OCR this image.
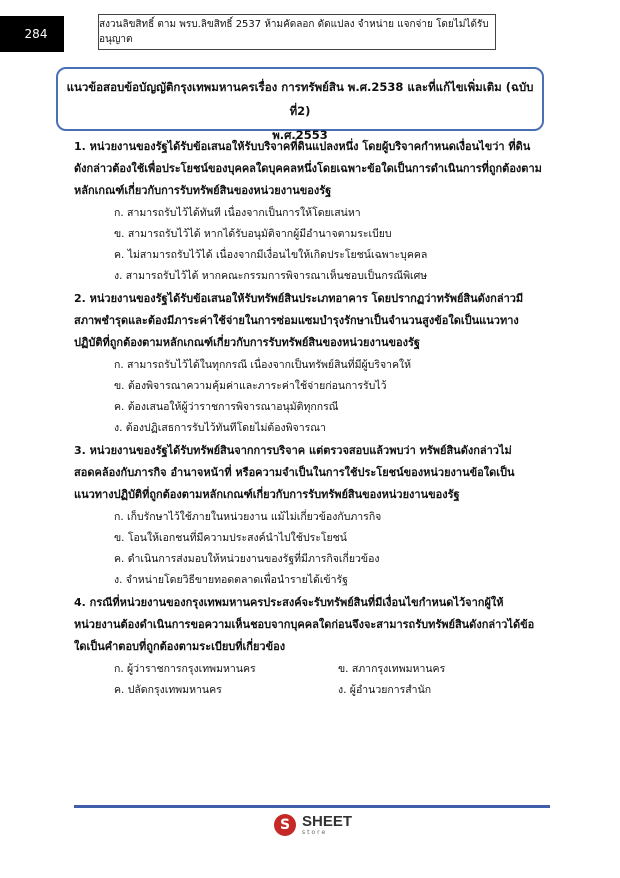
284
สงวนลิขสิทธิ์ ตาม พรบ.ลิขสิทธิ์ 2537 ห้ามคัดลอก ดัดแปลง จำหน่าย แจกจ่าย โดยไม่ได้รับอนุญาต
แนวข้อสอบข้อบัญญัติกรุงเทพมหานครเรื่อง การทรัพย์สิน พ.ศ.2538 และที่แก้ไขเพิ่มเติม (ฉบับที่2)
พ.ศ.2553
1. หน่วยงานของรัฐได้รับข้อเสนอให้รับบริจาคที่ดินแปลงหนึ่ง โดยผู้บริจาคกำหนดเงื่อนไขว่า ที่ดิน
ดังกล่าวต้องใช้เพื่อประโยชน์ของบุคคลใดบุคคลหนึ่งโดยเฉพาะข้อใดเป็นการดำเนินการที่ถูกต้องตาม
หลักเกณฑ์เกี่ยวกับการรับทรัพย์สินของหน่วยงานของรัฐ
ก. สามารถรับไว้ได้ทันที เนื่องจากเป็นการให้โดยเสน่หา
ข. สามารถรับไว้ได้ หากได้รับอนุมัติจากผู้มีอำนาจตามระเบียบ
ค. ไม่สามารถรับไว้ได้ เนื่องจากมีเงื่อนไขให้เกิดประโยชน์เฉพาะบุคคล
ง. สามารถรับไว้ได้ หากคณะกรรมการพิจารณาเห็นชอบเป็นกรณีพิเศษ
2. หน่วยงานของรัฐได้รับข้อเสนอให้รับทรัพย์สินประเภทอาคาร โดยปรากฏว่าทรัพย์สินดังกล่าวมี
สภาพชำรุดและต้องมีภาระค่าใช้จ่ายในการซ่อมแซมบำรุงรักษาเป็นจำนวนสูงข้อใดเป็นแนวทาง
ปฏิบัติที่ถูกต้องตามหลักเกณฑ์เกี่ยวกับการรับทรัพย์สินของหน่วยงานของรัฐ
ก. สามารถรับไว้ได้ในทุกกรณี เนื่องจากเป็นทรัพย์สินที่มีผู้บริจาคให้
ข. ต้องพิจารณาความคุ้มค่าและภาระค่าใช้จ่ายก่อนการรับไว้
ค. ต้องเสนอให้ผู้ว่าราชการพิจารณาอนุมัติทุกกรณี
ง. ต้องปฏิเสธการรับไว้ทันทีโดยไม่ต้องพิจารณา
3. หน่วยงานของรัฐได้รับทรัพย์สินจากการบริจาค แต่ตรวจสอบแล้วพบว่า ทรัพย์สินดังกล่าวไม่
สอดคล้องกับภารกิจ อำนาจหน้าที่ หรือความจำเป็นในการใช้ประโยชน์ของหน่วยงานข้อใดเป็น
แนวทางปฏิบัติที่ถูกต้องตามหลักเกณฑ์เกี่ยวกับการรับทรัพย์สินของหน่วยงานของรัฐ
ก. เก็บรักษาไว้ใช้ภายในหน่วยงาน แม้ไม่เกี่ยวข้องกับภารกิจ
ข. โอนให้เอกชนที่มีความประสงค์นำไปใช้ประโยชน์
ค. ดำเนินการส่งมอบให้หน่วยงานของรัฐที่มีภารกิจเกี่ยวข้อง
ง. จำหน่ายโดยวิธีขายทอดตลาดเพื่อนำรายได้เข้ารัฐ
4. กรณีที่หน่วยงานของกรุงเทพมหานครประสงค์จะรับทรัพย์สินที่มีเงื่อนไขกำหนดไว้จากผู้ให้
หน่วยงานต้องดำเนินการขอความเห็นชอบจากบุคคลใดก่อนจึงจะสามารถรับทรัพย์สินดังกล่าวได้ข้อ
ใดเป็นคำตอบที่ถูกต้องตามระเบียบที่เกี่ยวข้อง
ก. ผู้ว่าราชการกรุงเทพมหานคร	ข. สภากรุงเทพมหานคร
ค. ปลัดกรุงเทพมหานคร	ง. ผู้อำนวยการสำนัก
S SHEET
store
